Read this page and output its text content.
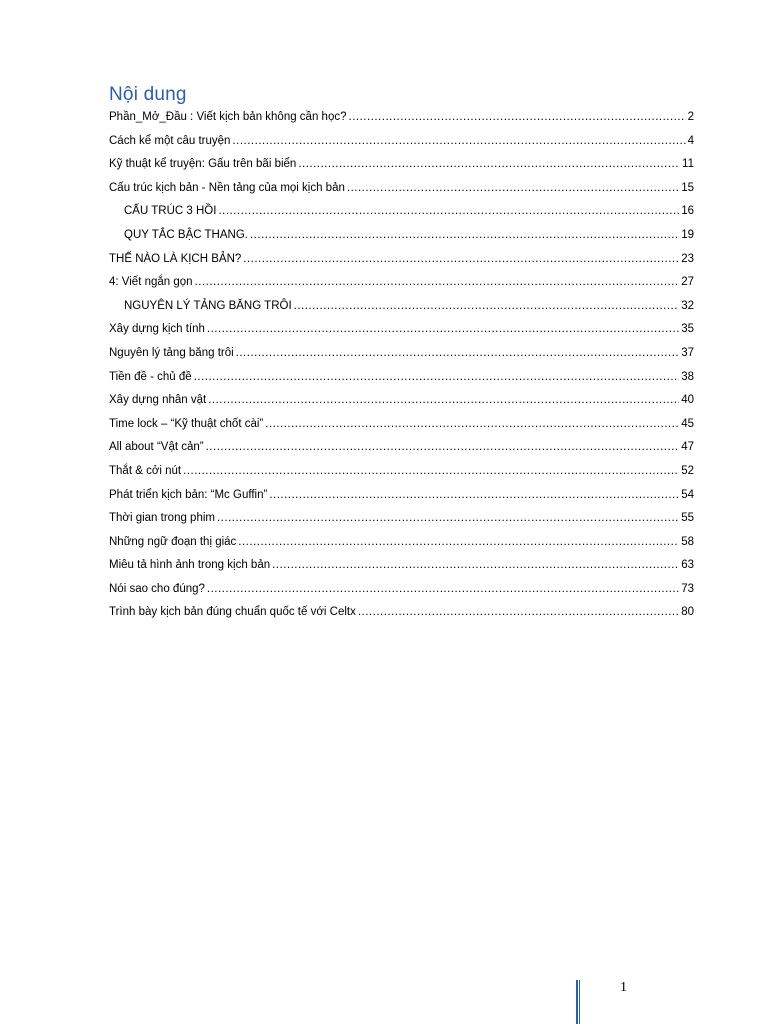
Nội dung
Phần_Mở_Đầu : Viết kịch bản không cần học? .....	2
Cách kể một câu truyện .....	4
Kỹ thuật kể truyện: Gấu trên bãi biển .....	11
Cấu trúc kịch bản - Nền tảng của mọi kịch bản .....	15
CẤU TRÚC 3 HỒI .....	16
QUY TẮC BẬC THANG. .....	19
THẾ NÀO LÀ KỊCH BẢN? .....	23
4: Viết ngắn gọn .....	27
NGUYÊN LÝ TẢNG BĂNG TRÔI .....	32
Xây dựng kịch tính .....	35
Nguyên lý tảng băng trôi .....	37
Tiền đề - chủ đề .....	38
Xây dựng nhân vật .....	40
Time lock – “Kỹ thuật chốt cài” .....	45
All about “Vật cản” .....	47
Thắt & cởi nút .....	52
Phát triển kịch bản: “Mc Guffin” .....	54
Thời gian trong phim .....	55
Những ngữ đoạn thị giác .....	58
Miêu tả hình ảnh trong kịch bản .....	63
Nói sao cho đúng? .....	73
Trình bày kịch bản đúng chuẩn quốc tế với Celtx .....	80
1
